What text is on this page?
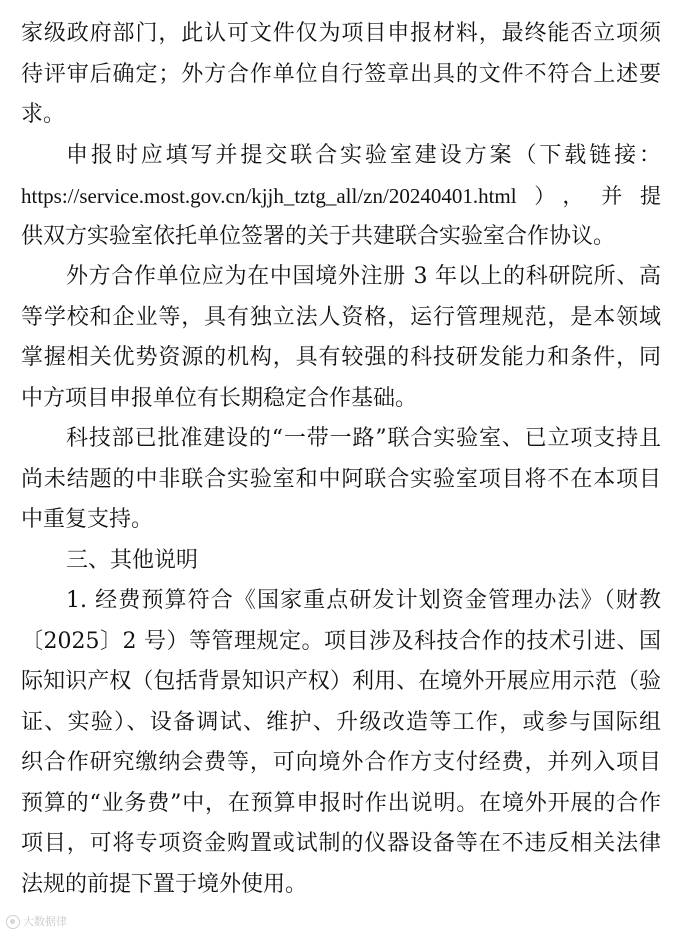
家级政府部门，此认可文件仅为项目申报材料，最终能否立项须
待评审后确定；外方合作单位自行签章出具的文件不符合上述要
求。
申报时应填写并提交联合实验室建设方案（下载链接：
https://service.most.gov.cn/kjjh_tztg_all/zn/20240401.html），并提
供双方实验室依托单位签署的关于共建联合实验室合作协议。
外方合作单位应为在中国境外注册 3 年以上的科研院所、高
等学校和企业等，具有独立法人资格，运行管理规范，是本领域
掌握相关优势资源的机构，具有较强的科技研发能力和条件，同
中方项目申报单位有长期稳定合作基础。
科技部已批准建设的“一带一路”联合实验室、已立项支持且
尚未结题的中非联合实验室和中阿联合实验室项目将不在本项目
中重复支持。
三、其他说明
1. 经费预算符合《国家重点研发计划资金管理办法》（财教
〔2025〕2 号）等管理规定。项目涉及科技合作的技术引进、国
际知识产权（包括背景知识产权）利用、在境外开展应用示范（验
证、实验）、设备调试、维护、升级改造等工作，或参与国际组
织合作研究缴纳会费等，可向境外合作方支付经费，并列入项目
预算的“业务费”中，在预算申报时作出说明。在境外开展的合作
项目，可将专项资金购置或试制的仪器设备等在不违反相关法律
法规的前提下置于境外使用。
大数据律
